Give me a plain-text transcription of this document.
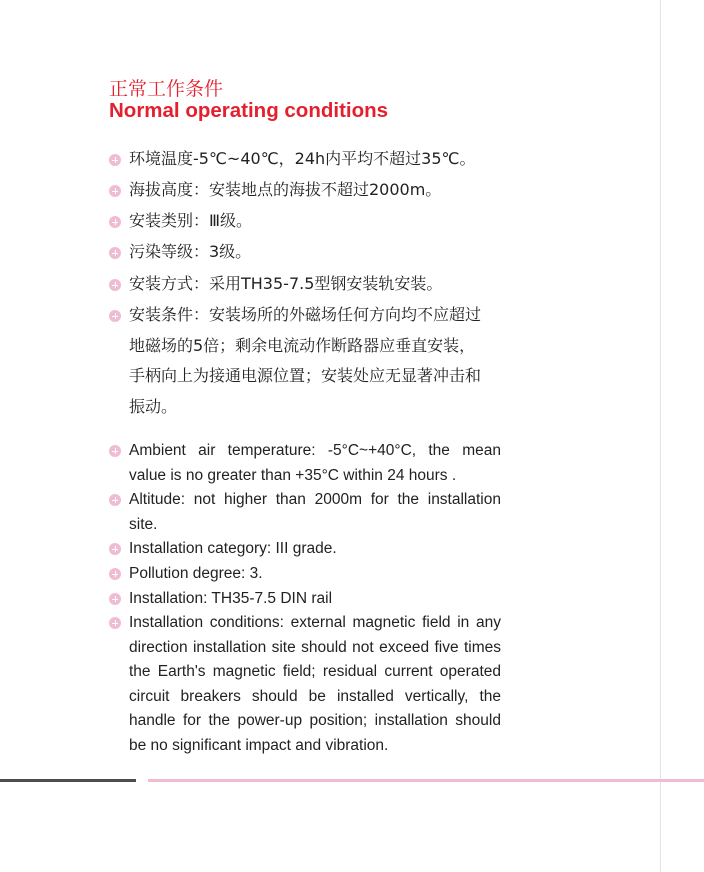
正常工作条件
Normal operating conditions
环境温度-5℃~40℃，24h内平均不超过35℃。
海拔高度：安装地点的海拔不超过2000m。
安装类别：Ⅲ级。
污染等级：3级。
安装方式：采用TH35-7.5型钢安装轨安装。
安装条件：安装场所的外磁场任何方向均不应超过地磁场的5倍；剩余电流动作断路器应垂直安装，手柄向上为接通电源位置；安装处应无显著冲击和振动。
Ambient air temperature: -5°C~+40°C, the mean value is no greater than +35°C within 24 hours .
Altitude: not higher than 2000m for the installation site.
Installation category: III grade.
Pollution degree: 3.
Installation: TH35-7.5 DIN rail
Installation conditions: external magnetic field in any direction installation site should not exceed five times the Earth's magnetic field; residual current operated circuit breakers should be installed vertically, the handle for the power-up position; installation should be no significant impact and vibration.
